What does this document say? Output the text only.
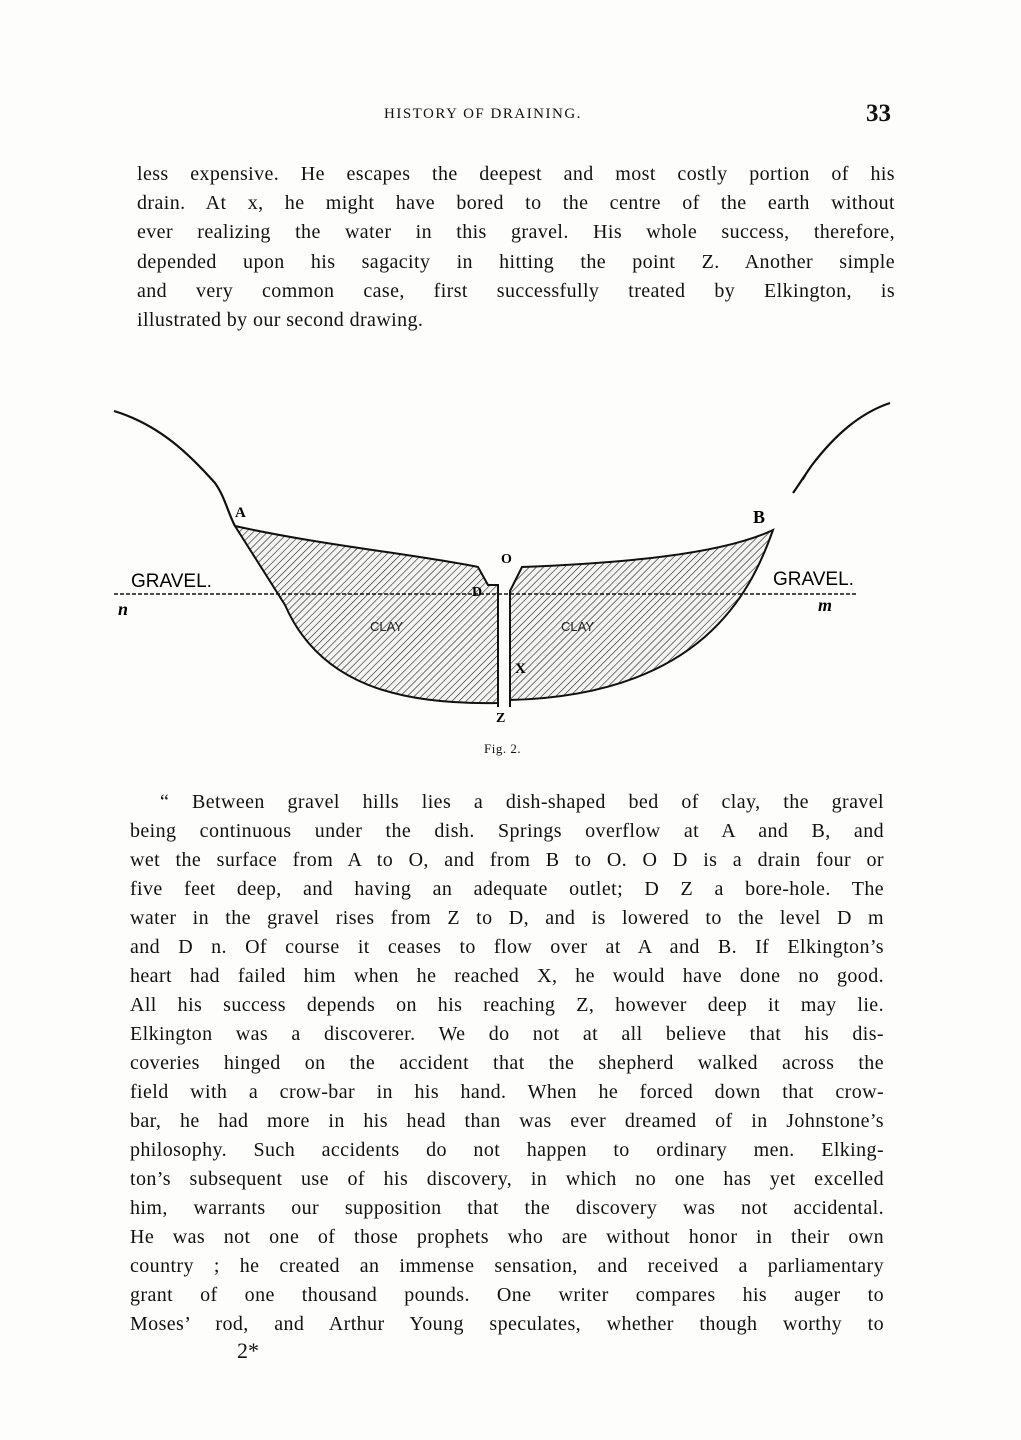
HISTORY OF DRAINING.	33
less expensive. He escapes the deepest and most costly portion of his
drain. At x, he might have bored to the centre of the earth without
ever realizing the water in this gravel. His whole success, therefore,
depended upon his sagacity in hitting the point Z. Another simple
and very common case, first successfully treated by Elkington, is
illustrated by our second drawing.
A	B
O
D
X
Z
GRAVEL.	GRAVEL.
n	m
CLAY	CLAY
Fig. 2.
“ Between gravel hills lies a dish-shaped bed of clay, the gravel
being continuous under the dish. Springs overflow at A and B, and
wet the surface from A to O, and from B to O. O D is a drain four or
five feet deep, and having an adequate outlet; D Z a bore-hole. The
water in the gravel rises from Z to D, and is lowered to the level D m
and D n. Of course it ceases to flow over at A and B. If Elkington’s
heart had failed him when he reached X, he would have done no good.
All his success depends on his reaching Z, however deep it may lie.
Elkington was a discoverer. We do not at all believe that his dis-
coveries hinged on the accident that the shepherd walked across the
field with a crow-bar in his hand. When he forced down that crow-
bar, he had more in his head than was ever dreamed of in Johnstone’s
philosophy. Such accidents do not happen to ordinary men. Elking-
ton’s subsequent use of his discovery, in which no one has yet excelled
him, warrants our supposition that the discovery was not accidental.
He was not one of those prophets who are without honor in their own
country ; he created an immense sensation, and received a parliamentary
grant of one thousand pounds. One writer compares his auger to
Moses’ rod, and Arthur Young speculates, whether though worthy to
2*
